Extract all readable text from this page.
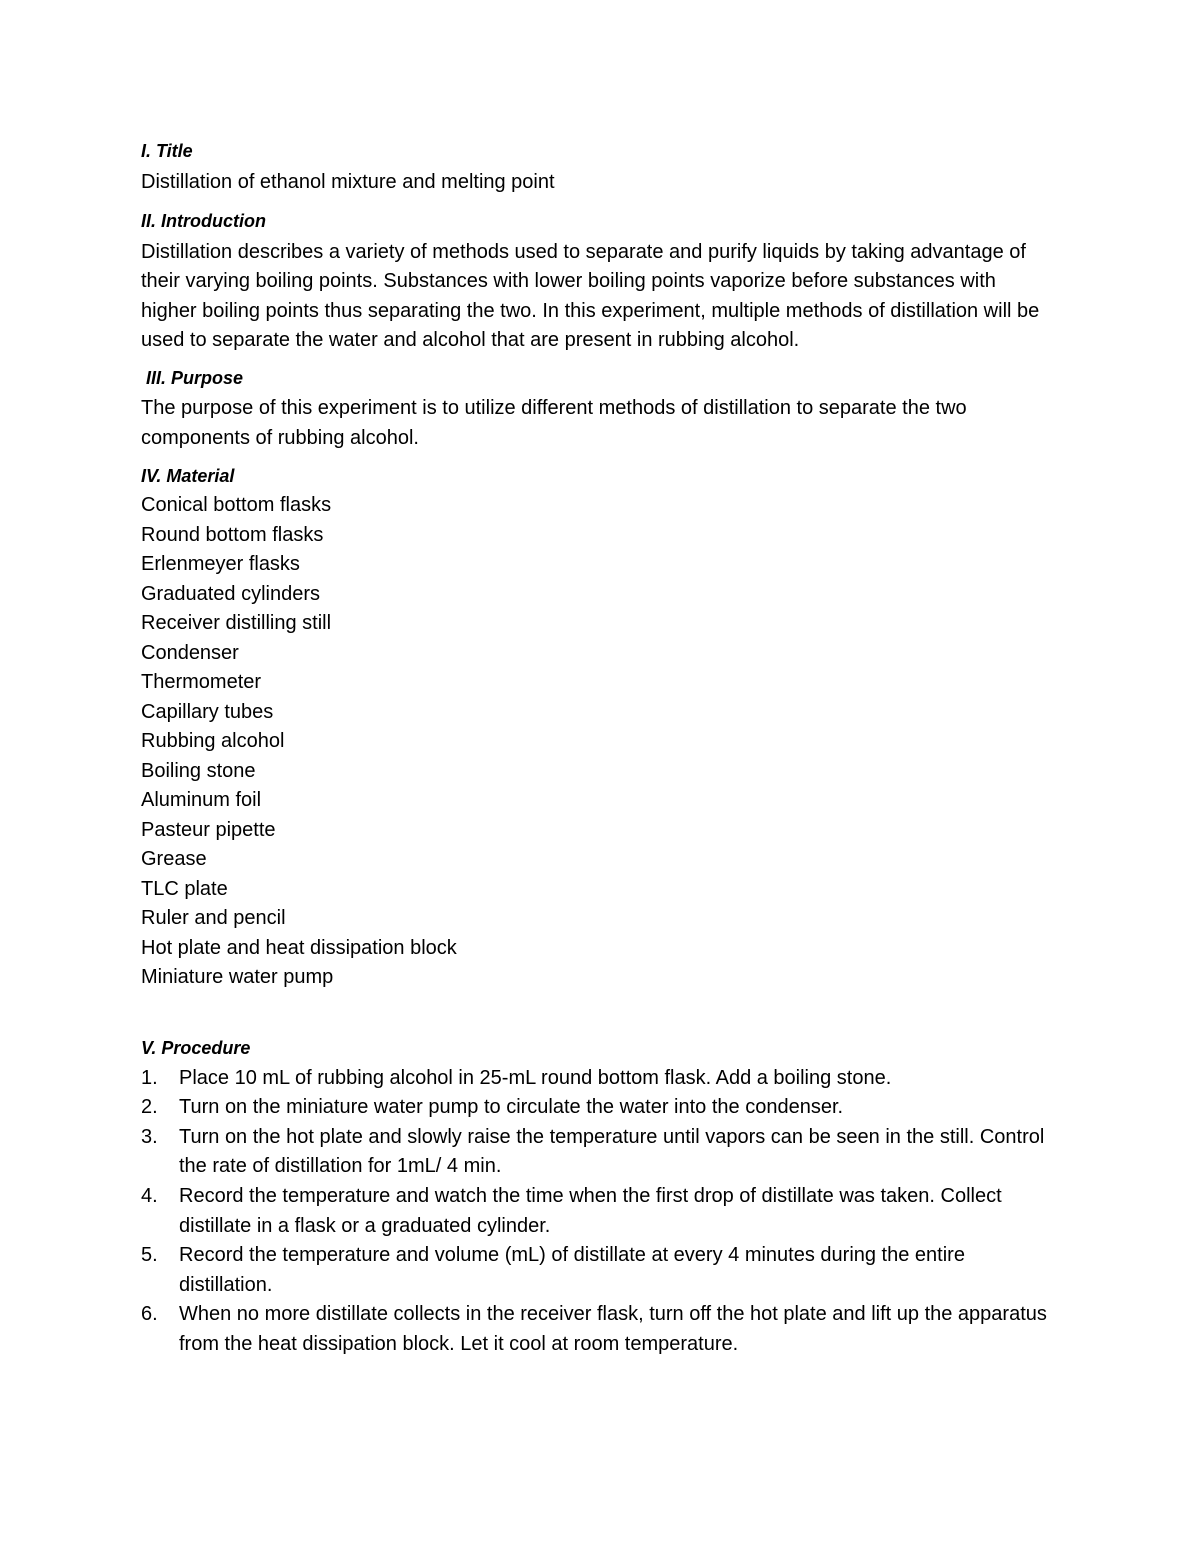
I. Title

Distillation of ethanol mixture and melting point

II. Introduction

Distillation describes a variety of methods used to separate and purify liquids by taking advantage of their varying boiling points. Substances with lower boiling points vaporize before substances with higher boiling points thus separating the two. In this experiment, multiple methods of distillation will be used to separate the water and alcohol that are present in rubbing alcohol.

III. Purpose

The purpose of this experiment is to utilize different methods of distillation to separate the two components of rubbing alcohol.

IV. Material

Conical bottom flasks
Round bottom flasks
Erlenmeyer flasks
Graduated cylinders
Receiver distilling still
Condenser
Thermometer
Capillary tubes
Rubbing alcohol
Boiling stone
Aluminum foil
Pasteur pipette
Grease
TLC plate
Ruler and pencil
Hot plate and heat dissipation block
Miniature water pump

V. Procedure

1. Place 10 mL of rubbing alcohol in 25-mL round bottom flask. Add a boiling stone.
2. Turn on the miniature water pump to circulate the water into the condenser.
3. Turn on the hot plate and slowly raise the temperature until vapors can be seen in the still. Control the rate of distillation for 1mL/ 4 min.
4. Record the temperature and watch the time when the first drop of distillate was taken. Collect distillate in a flask or a graduated cylinder.
5. Record the temperature and volume (mL) of distillate at every 4 minutes during the entire distillation.
6. When no more distillate collects in the receiver flask, turn off the hot plate and lift up the apparatus from the heat dissipation block. Let it cool at room temperature.
